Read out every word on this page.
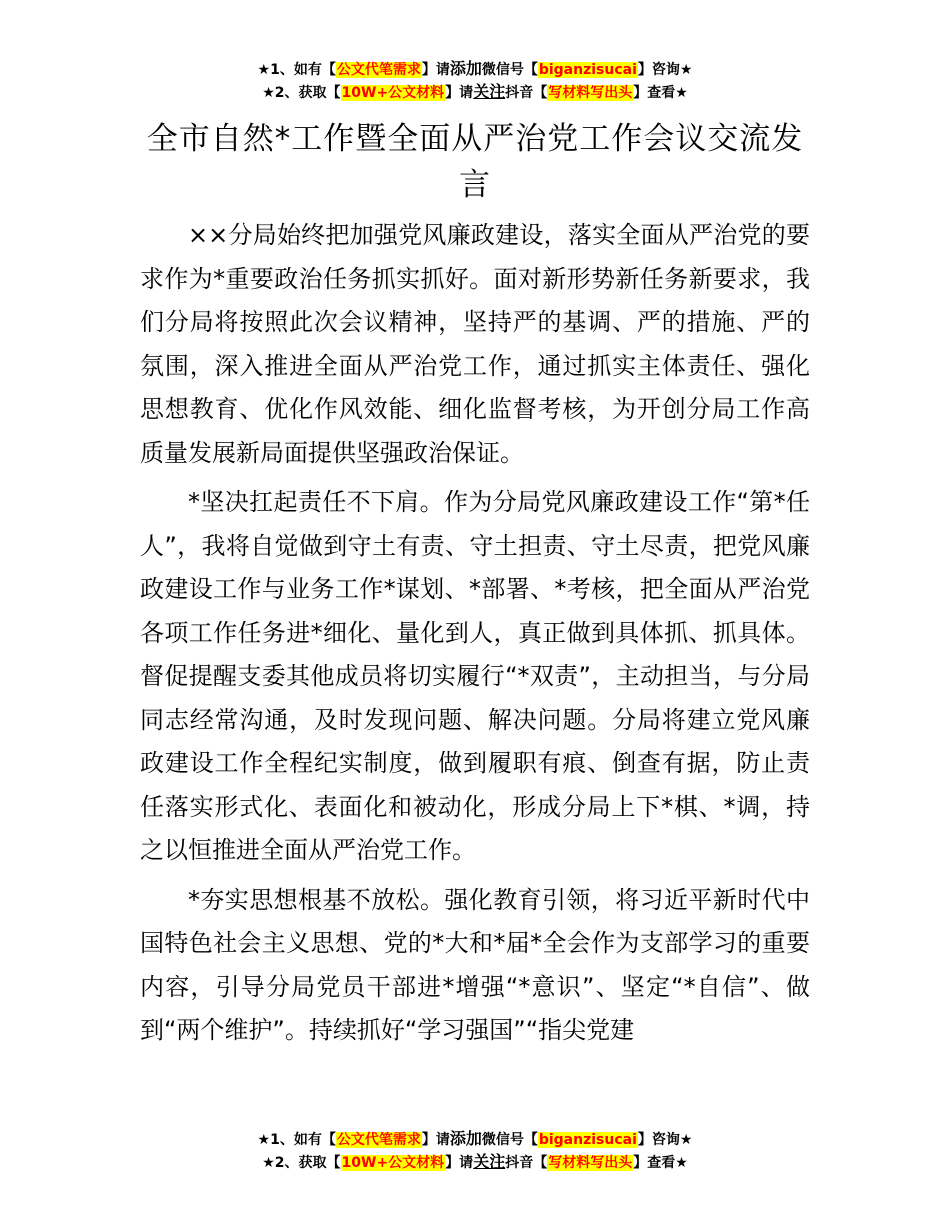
★1、如有【公文代笔需求】请添加微信号【biganzisucai】咨询★
★2、获取【10W+公文材料】请关注抖音【写材料写出头】查看★
全市自然*工作暨全面从严治党工作会议交流发言

××分局始终把加强党风廉政建设，落实全面从严治党的要求作为*重要政治任务抓实抓好。面对新形势新任务新要求，我们分局将按照此次会议精神，坚持严的基调、严的措施、严的氛围，深入推进全面从严治党工作，通过抓实主体责任、强化思想教育、优化作风效能、细化监督考核，为开创分局工作高质量发展新局面提供坚强政治保证。

*坚决扛起责任不下肩。作为分局党风廉政建设工作“第*任人”，我将自觉做到守土有责、守土担责、守土尽责，把党风廉政建设工作与业务工作*谋划、*部署、*考核，把全面从严治党各项工作任务进*细化、量化到人，真正做到具体抓、抓具体。督促提醒支委其他成员将切实履行“*双责”，主动担当，与分局同志经常沟通，及时发现问题、解决问题。分局将建立党风廉政建设工作全程纪实制度，做到履职有痕、倒查有据，防止责任落实形式化、表面化和被动化，形成分局上下*棋、*调，持之以恒推进全面从严治党工作。

*夯实思想根基不放松。强化教育引领，将习近平新时代中国特色社会主义思想、党的*大和*届*全会作为支部学习的重要内容，引导分局党员干部进*增强“*意识”、坚定“*自信”、做到“两个维护”。持续抓好“学习强国”“指尖党建

★1、如有【公文代笔需求】请添加微信号【biganzisucai】咨询★
★2、获取【10W+公文材料】请关注抖音【写材料写出头】查看★
